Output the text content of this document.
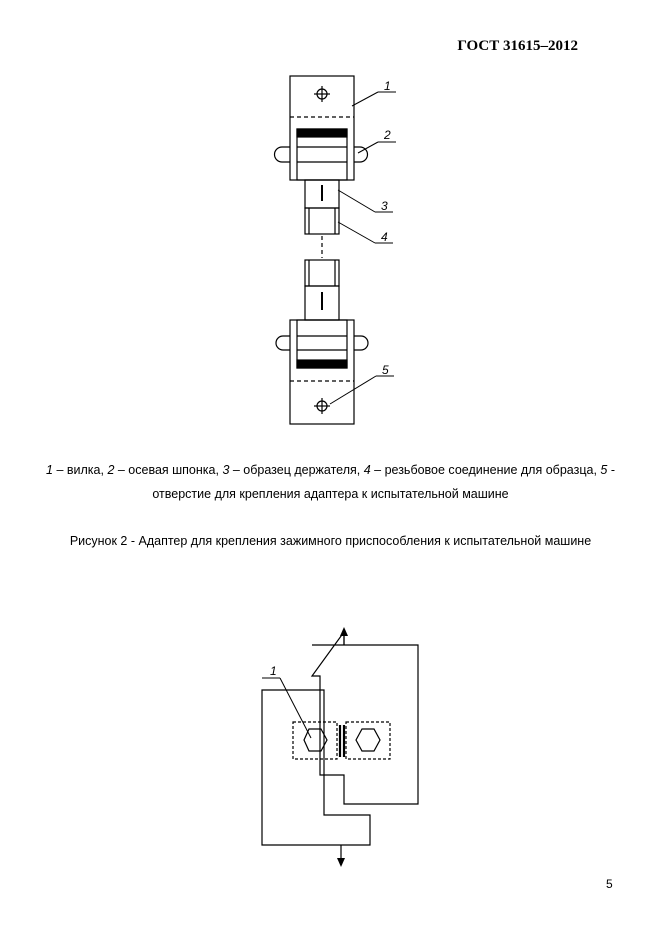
ГОСТ 31615–2012
1
2
3
4
5
1 – вилка, 2 – осевая шпонка, 3 – образец держателя, 4 – резьбовое соединение для образца, 5 - отверстие для крепления адаптера к испытательной машине
Рисунок 2 - Адаптер для крепления зажимного приспособления к испытательной машине
1
5
